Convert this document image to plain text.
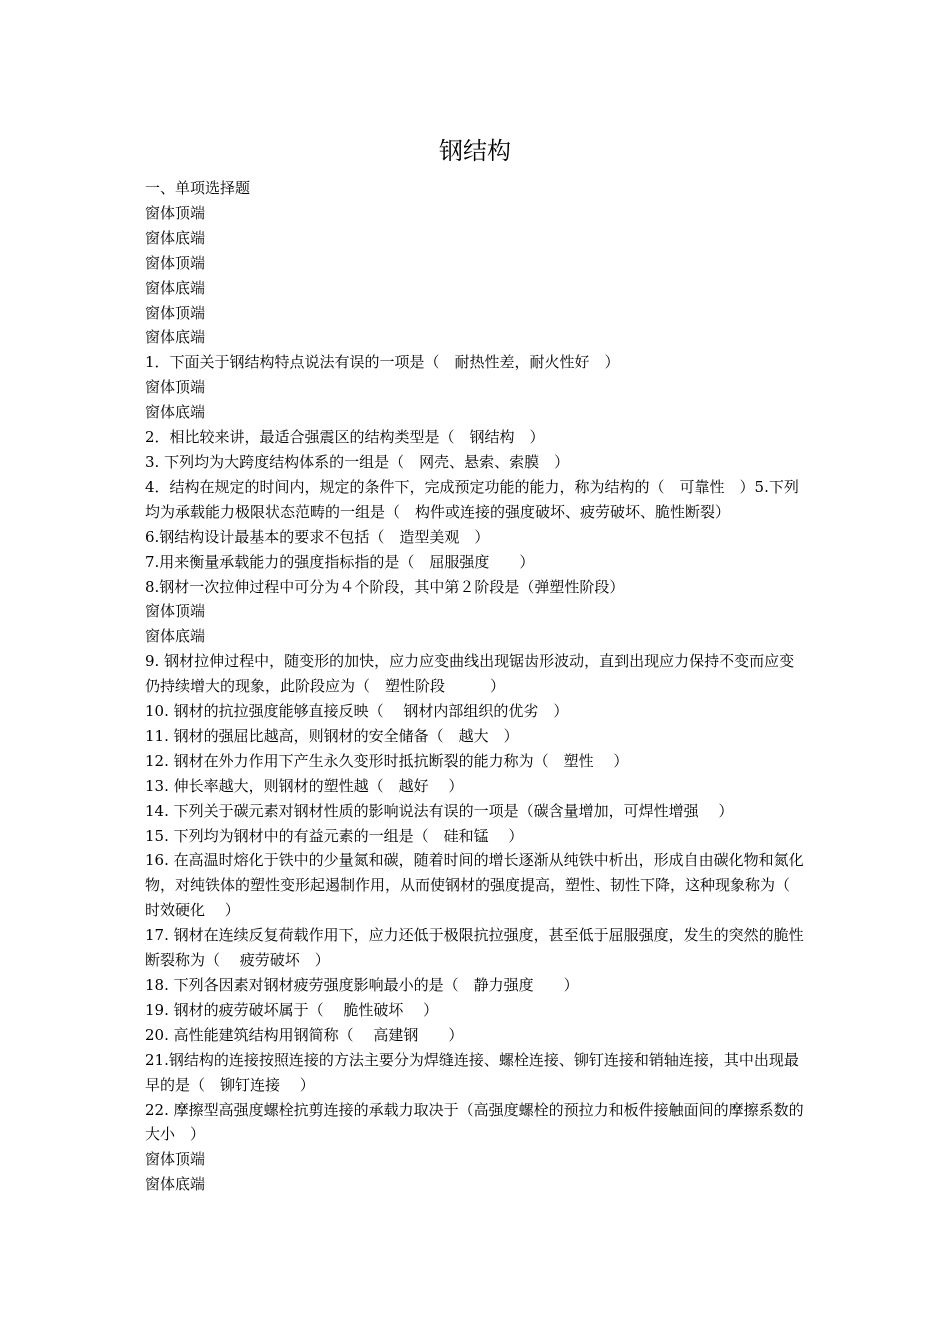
钢结构

一、单项选择题

窗体顶端

窗体底端

窗体顶端

窗体底端

窗体顶端

窗体底端

1．下面关于钢结构特点说法有误的一项是（　耐热性差，耐火性好　）

窗体顶端

窗体底端

2．相比较来讲，最适合强震区的结构类型是（　钢结构　）

3. 下列均为大跨度结构体系的一组是（　网壳、悬索、索膜　）

4．结构在规定的时间内，规定的条件下，完成预定功能的能力，称为结构的（　可靠性　）5.下列均为承载能力极限状态范畴的一组是（　构件或连接的强度破坏、疲劳破坏、脆性断裂）

6.钢结构设计最基本的要求不包括（　造型美观　）

7.用来衡量承载能力的强度指标指的是（　屈服强度　　）

8.钢材一次拉伸过程中可分为４个阶段，其中第２阶段是（弹塑性阶段）

窗体顶端

窗体底端

9. 钢材拉伸过程中，随变形的加快，应力应变曲线出现锯齿形波动，直到出现应力保持不变而应变仍持续增大的现象，此阶段应为（　塑性阶段　　　）

10. 钢材的抗拉强度能够直接反映（　 钢材内部组织的优劣　）

11. 钢材的强屈比越高，则钢材的安全储备（　越大　）

12. 钢材在外力作用下产生永久变形时抵抗断裂的能力称为（　塑性　 ）

13. 伸长率越大，则钢材的塑性越（　越好　 ）

14. 下列关于碳元素对钢材性质的影响说法有误的一项是（碳含量增加，可焊性增强　 ）

15. 下列均为钢材中的有益元素的一组是（　硅和锰　 ）

16. 在高温时熔化于铁中的少量氮和碳，随着时间的增长逐渐从纯铁中析出，形成自由碳化物和氮化物，对纯铁体的塑性变形起遏制作用，从而使钢材的强度提高，塑性、韧性下降，这种现象称为（　 时效硬化　 ）

17. 钢材在连续反复荷载作用下，应力还低于极限抗拉强度，甚至低于屈服强度，发生的突然的脆性断裂称为（　 疲劳破坏　）

18. 下列各因素对钢材疲劳强度影响最小的是（　静力强度　　）

19. 钢材的疲劳破坏属于（　 脆性破坏　 ）

20. 高性能建筑结构用钢简称（　 高建钢　　）

21.钢结构的连接按照连接的方法主要分为焊缝连接、螺栓连接、铆钉连接和销轴连接，其中出现最早的是（　铆钉连接　 ）

22. 摩擦型高强度螺栓抗剪连接的承载力取决于（高强度螺栓的预拉力和板件接触面间的摩擦系数的大小　）

窗体顶端

窗体底端
